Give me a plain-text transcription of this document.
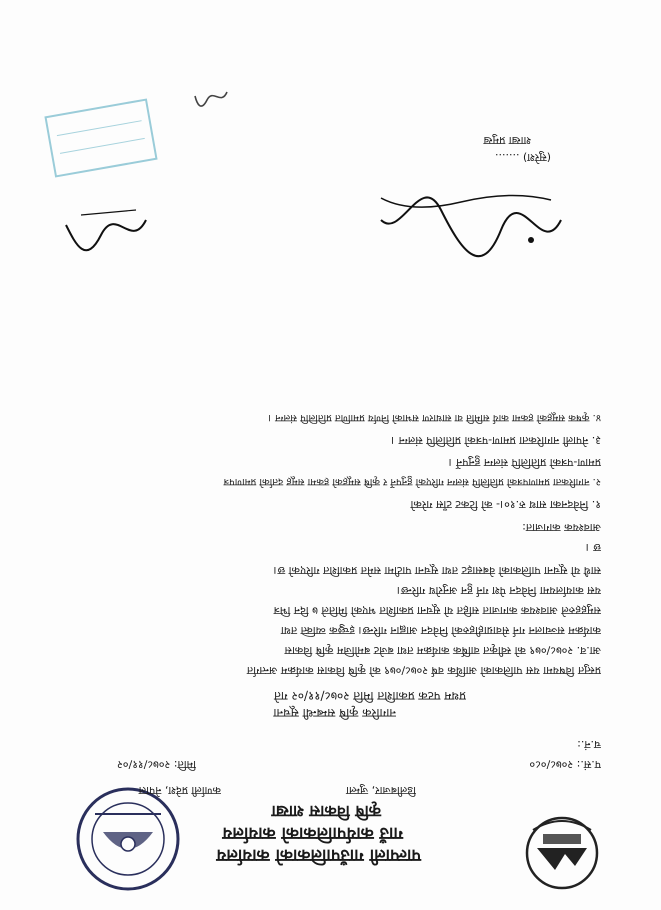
पाल्पाली गाउँपालिकाको कार्यालय
गाउँ कार्यपालिकाको कार्यालय
कृषि विकास शाखा
डिलीबजार, जुम्ला
कर्णाली प्रदेश, नेपाल
प.सं.: २०७८/०८०
च.नं.:
मिति: २०७८/११/०२
नागरिक कृषि सम्बन्धी सूचना
प्रथम पटक प्रकाशित मिति २०७८/११/०२ गते
प्रस्तुत विषयमा यस पालिकाको आर्थिक वर्ष २०७८/०७९ को कृषि विकास कार्यक्रम अन्तर्गत
आ.व. २०७८/०७९ को स्वीकृत वार्षिक कार्यक्रम तथा बजेट बमोजिम कृषि विकास
कार्यक्रम सञ्चालन गर्न सेवाग्राहीहरुको निवेदन आह्वान गरिन्छ। इच्छुक व्यक्ति तथा
समुहहरुले आवश्यक कागजात सहित यो सूचना प्रकाशित भएको मितिले ७ दिन भित्र
यस कार्यालयमा निवेदन पेश गर्न हुन अनुरोध गरिन्छ।
साथै यो सूचना पालिकाको वेबसाइट तथा सूचना पाटीमा समेत प्रकाशित गरिएको छ।
छ ।
आवश्यक कागजात:
१. निवेदनका साथ रु.१०।- को टिकट टाँस गरेको
२. नागरिकता प्रमाणपत्रको प्रतिलिपि संलग्न गरिएको हुनुपर्ने र कृषि समूहको हकमा समूह दर्ताको प्रमाणपत्र
प्रमाण-पत्रको प्रतिलिपि संलग्न हुनुपर्ने ।
३. नेपाली नागरिकता प्रमाण-पत्रको प्रतिलिपि संलग्न ।
४. कृषक समूहको हकमा कार्य समिति वा साधारण सभाको निर्णय प्रमाणित प्रतिलिपि संलग्न ।
(सुरेश) .......
शाखा प्रमुख
